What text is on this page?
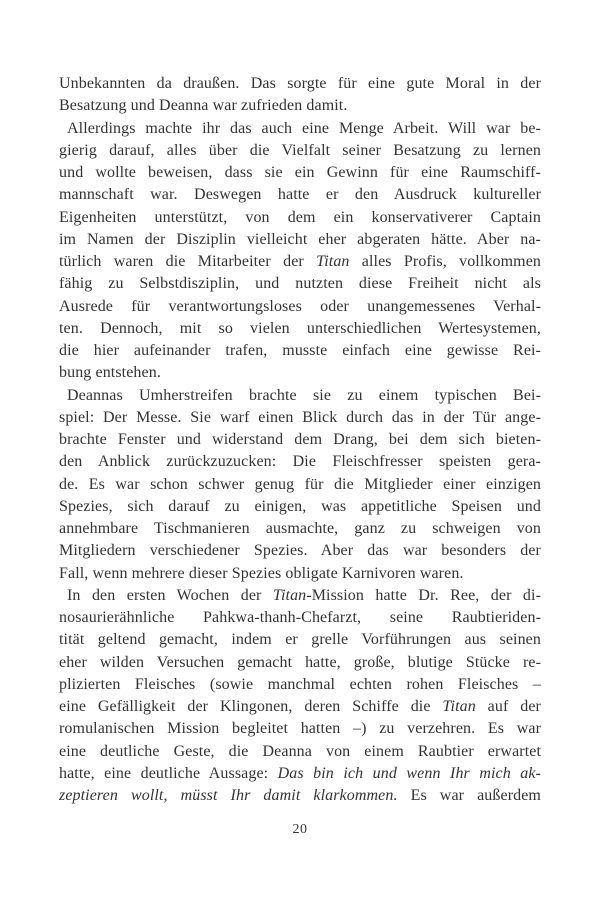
Unbekannten da draußen. Das sorgte für eine gute Moral in der
Besatzung und Deanna war zufrieden damit.
Allerdings machte ihr das auch eine Menge Arbeit. Will war be-
gierig darauf, alles über die Vielfalt seiner Besatzung zu lernen
und wollte beweisen, dass sie ein Gewinn für eine Raumschiff-
mannschaft war. Deswegen hatte er den Ausdruck kultureller
Eigenheiten unterstützt, von dem ein konservativerer Captain
im Namen der Disziplin vielleicht eher abgeraten hätte. Aber na-
türlich waren die Mitarbeiter der Titan alles Profis, vollkommen
fähig zu Selbstdisziplin, und nutzten diese Freiheit nicht als
Ausrede für verantwortungsloses oder unangemessenes Verhal-
ten. Dennoch, mit so vielen unterschiedlichen Wertesystemen,
die hier aufeinander trafen, musste einfach eine gewisse Rei-
bung entstehen.
Deannas Umherstreifen brachte sie zu einem typischen Bei-
spiel: Der Messe. Sie warf einen Blick durch das in der Tür ange-
brachte Fenster und widerstand dem Drang, bei dem sich bieten-
den Anblick zurückzuzucken: Die Fleischfresser speisten gera-
de. Es war schon schwer genug für die Mitglieder einer einzigen
Spezies, sich darauf zu einigen, was appetitliche Speisen und
annehmbare Tischmanieren ausmachte, ganz zu schweigen von
Mitgliedern verschiedener Spezies. Aber das war besonders der
Fall, wenn mehrere dieser Spezies obligate Karnivoren waren.
In den ersten Wochen der Titan-Mission hatte Dr. Ree, der di-
nosaurierähnliche Pahkwa-thanh-Chefarzt, seine Raubtieriden-
tität geltend gemacht, indem er grelle Vorführungen aus seinen
eher wilden Versuchen gemacht hatte, große, blutige Stücke re-
plizierten Fleisches (sowie manchmal echten rohen Fleisches –
eine Gefälligkeit der Klingonen, deren Schiffe die Titan auf der
romulanischen Mission begleitet hatten –) zu verzehren. Es war
eine deutliche Geste, die Deanna von einem Raubtier erwartet
hatte, eine deutliche Aussage: Das bin ich und wenn Ihr mich ak-
zeptieren wollt, müsst Ihr damit klarkommen. Es war außerdem
20
